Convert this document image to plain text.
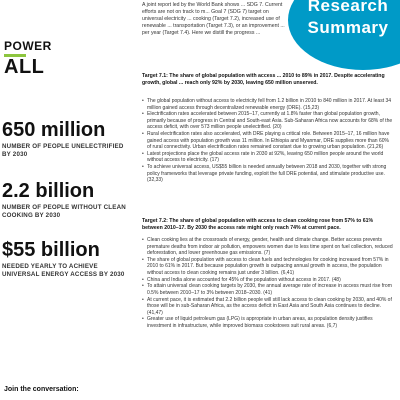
POWER
ALL
650 million
NUMBER OF PEOPLE UNELECTRIFIED BY 2030
2.2 billion
NUMBER OF PEOPLE WITHOUT CLEAN COOKING BY 2030
$55 billion
NEEDED YEARLY TO ACHIEVE UNIVERSAL ENERGY ACCESS BY 2030
Join the conversation:
A joint report led by the World Bank shows ... SDG 7. Current efforts are not on track to m... Goal 7 (SDG 7) target on universal electricity ... cooking (Target 7.2), increased use of renewable ... transportation (Target 7.3), or an improvement ... per year (Target 7.4). Here we distill the progress ...
Research
Summary
Target 7.1: The share of global population with access ... 2010 to 89% in 2017. Despite accelerating growth, global ... reach only 92% by 2030, leaving 650 million unserved.
• The global population without access to electricity fell from 1.2 billion in 2010 to 840 million in 2017. At least 34 million gained access through decentralized renewable energy (DRE). (15,23)
• Electrification rates accelerated between 2015–17, currently at 1.8% faster than global population growth, primarily because of progress in Central and South-east Asia. Sub-Saharan Africa now accounts for 68% of the access deficit, with over 573 million people unelectrified. (20)
• Rural electrification rates also accelerated, with DRE playing a critical role. Between 2015–17, 16 million have gained access with population growth was 11 million. In Ethiopia and Myanmar, DRE supplies more than 60% of rural connectivity. Urban electrification rates remained constant due to growing urban population. (21,26)
• Latest projections place the global access rate in 2030 at 92%, leaving 650 million people around the world without access to electricity. (17)
• To achieve universal access, US$55 billion is needed annually between 2018 and 2030, together with strong policy frameworks that leverage private funding, exploit the full DRE potential, and stimulate productive use. (32,33)
Target 7.2: The share of global population with access to clean cooking rose from 57% to 61% between 2010–17. By 2030 the access rate might only reach 74% at current pace.
• Clean cooking lies at the crossroads of energy, gender, health and climate change. Better access prevents premature deaths from indoor air pollution, empowers women due to less time spent on fuel collection, reduced deforestation, and lower greenhouse gas emissions. (7)
• The share of global population with access to clean fuels and technologies for cooking increased from 57% in 2010 to 61% in 2017. But because population growth is outpacing annual growth in access, the population without access to clean cooking remains just under 3 billion. (6,41)
• China and India alone accounted for 45% of the population without access in 2017. (48)
• To attain universal clean cooking targets by 2030, the annual average rate of increase in access must rise from 0.5% between 2010–17 to 3% between 2018–2030. (41)
• At current pace, it is estimated that 2.2 billion people will still lack access to clean cooking by 2030, and 40% of those will be in sub-Saharan Africa, as the access deficit in East Asia and South Asia continues to decline. (41,47)
• Greater use of liquid petroleum gas (LPG) is appropriate in urban areas, as population density justifies investment in infrastructure, while improved biomass cookstoves suit rural areas. (6,7)
